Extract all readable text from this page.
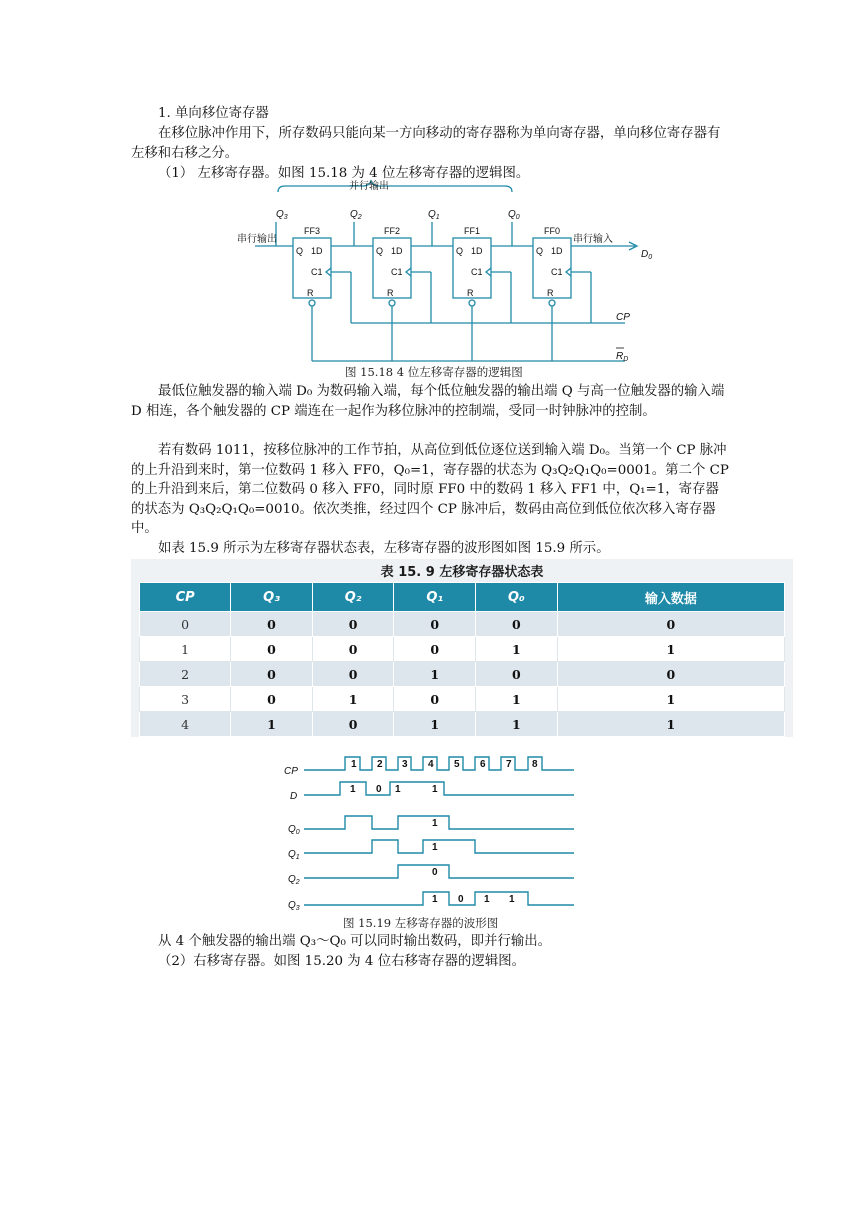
1. 单向移位寄存器

在移位脉冲作用下，所存数码只能向某一方向移动的寄存器称为单向寄存器，单向移位寄存器有左移和右移之分。

（1） 左移寄存器。如图 15.18 为 4 位左移寄存器的逻辑图。

并行输出
串行输出	串行输入
$D_0$
$Q_3$	$Q_2$	$Q_1$	$Q_0$
FF3	FF2	FF1	FF0
Q 1D
C1
R
Q 1D
C1
R
Q 1D
C1
R
Q 1D
C1
R
CP
$R_D$
图 15.18 4 位左移寄存器的逻辑图

最低位触发器的输入端 D₀ 为数码输入端，每个低位触发器的输出端 Q 与高一位触发器的输入端 D 相连，各个触发器的 CP 端连在一起作为移位脉冲的控制端，受同一时钟脉冲的控制。

若有数码 1011，按移位脉冲的工作节拍，从高位到低位逐位送到输入端 D₀。当第一个 CP 脉冲的上升沿到来时，第一位数码 1 移入 FF0，Q₀=1，寄存器的状态为 Q₃Q₂Q₁Q₀=0001。第二个 CP 的上升沿到来后，第二位数码 0 移入 FF0，同时原 FF0 中的数码 1 移入 FF1 中，Q₁=1，寄存器的状态为 Q₃Q₂Q₁Q₀=0010。依次类推，经过四个 CP 脉冲后，数码由高位到低位依次移入寄存器中。

如表 15.9 所示为左移寄存器状态表，左移寄存器的波形图如图 15.9 所示。

表 15. 9 左移寄存器状态表
CP	Q₃	Q₂	Q₁	Q₀	输入数据
0	0	0	0	0	0
1	0	0	0	1	1
2	0	0	1	0	0
3	0	1	0	1	1
4	1	0	1	1	1
1 2 3 4 5 6 7 8
1 0 1	1
1
1
0
1 0 1 1
CP
D
$Q_0$
$Q_1$
$Q_2$
$Q_3$
图 15.19 左移寄存器的波形图

从 4 个触发器的输出端 Q₃～Q₀ 可以同时输出数码，即并行输出。

（2）右移寄存器。如图 15.20 为 4 位右移寄存器的逻辑图。
